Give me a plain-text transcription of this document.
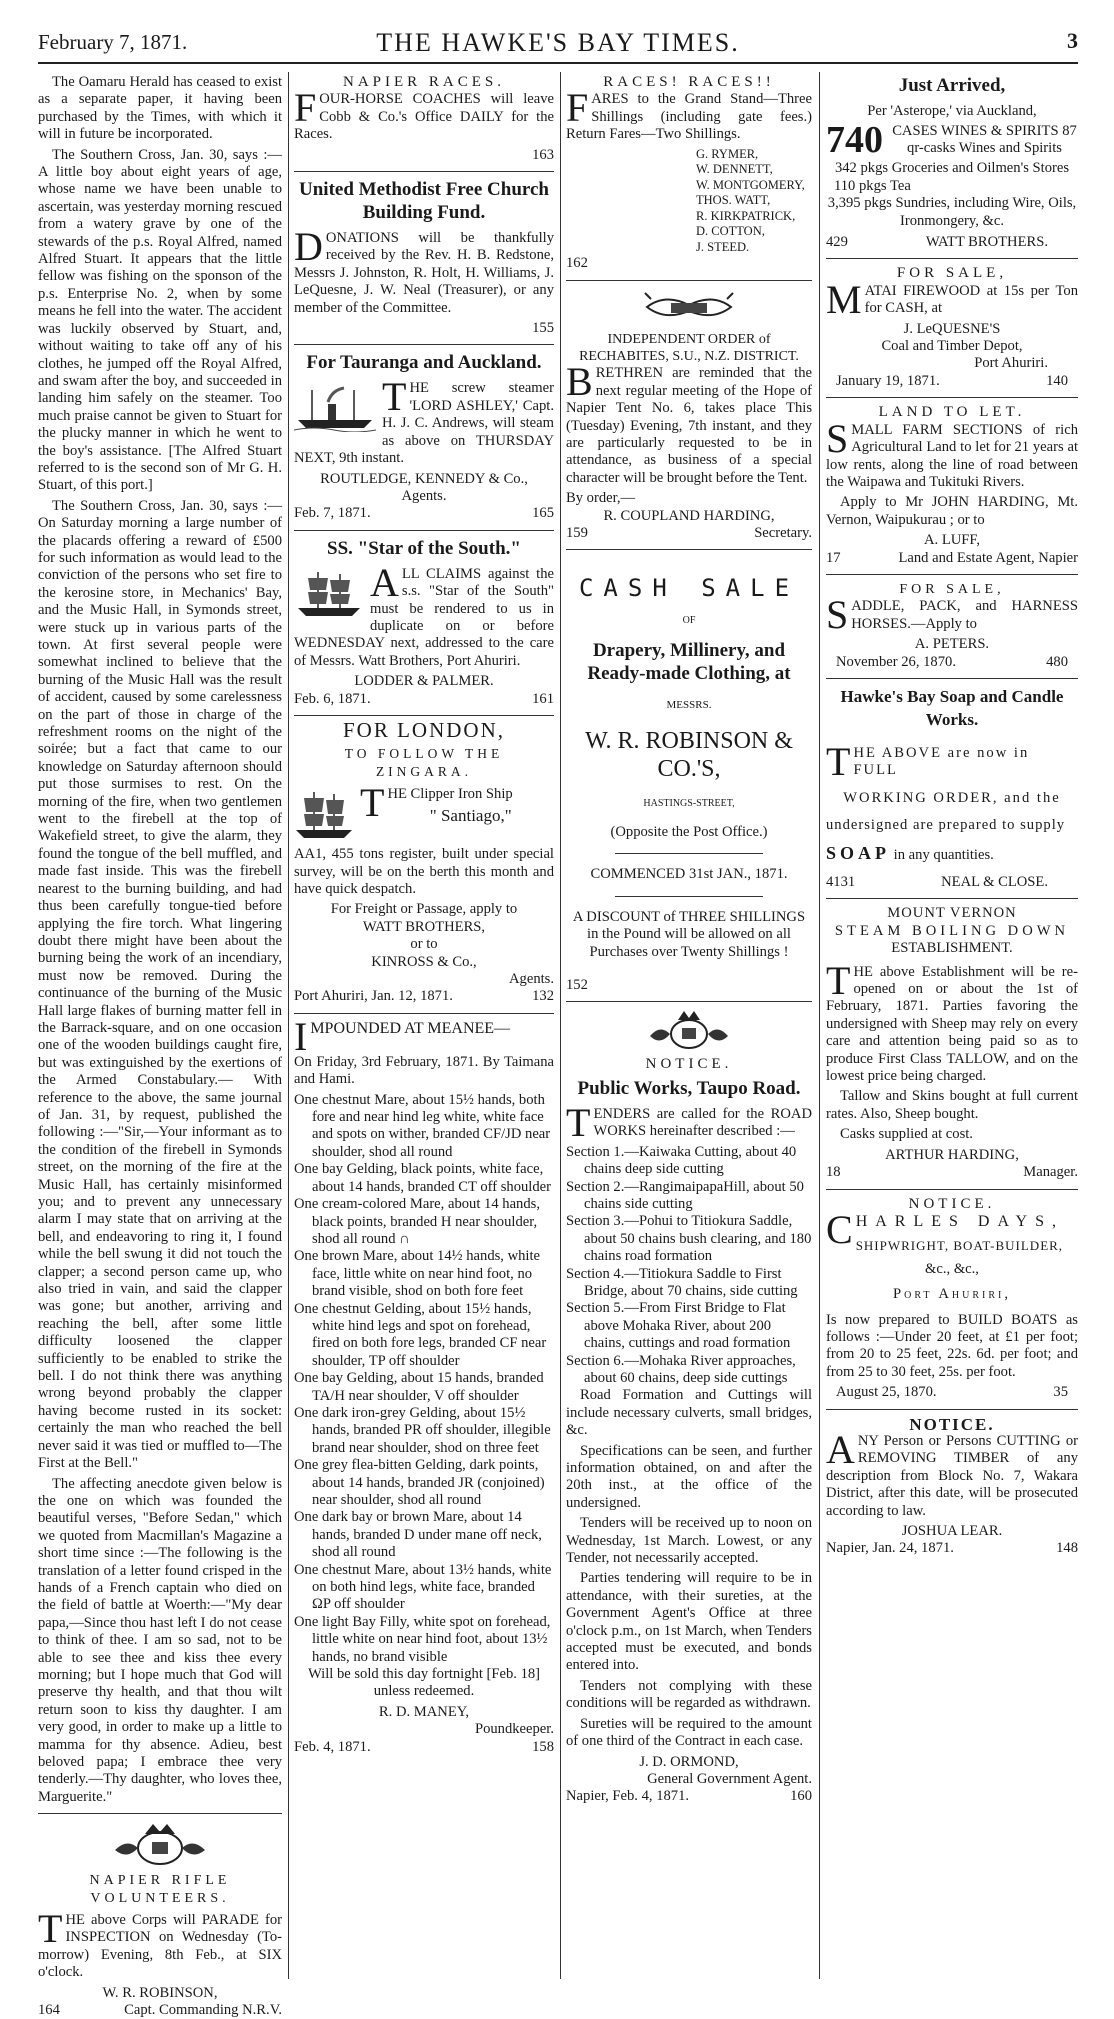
February 7, 1871.	THE HAWKE'S BAY TIMES.	3

The Oamaru Herald has ceased to exist as a separate paper, it having been purchased by the Times, with which it will in future be incorporated.

The Southern Cross, Jan. 30, says :— A little boy about eight years of age, whose name we have been unable to ascertain, was yesterday morning rescued from a watery grave by one of the stewards of the p.s. Royal Alfred, named Alfred Stuart. It appears that the little fellow was fishing on the sponson of the p.s. Enterprise No. 2, when by some means he fell into the water. The accident was luckily observed by Stuart, and, without waiting to take off any of his clothes, he jumped off the Royal Alfred, and swam after the boy, and succeeded in landing him safely on the steamer. Too much praise cannot be given to Stuart for the plucky manner in which he went to the boy's assistance. [The Alfred Stuart referred to is the second son of Mr G. H. Stuart, of this port.]

The Southern Cross, Jan. 30, says :— On Saturday morning a large number of the placards offering a reward of £500 for such information as would lead to the conviction of the persons who set fire to the kerosine store, in Mechanics' Bay, and the Music Hall, in Symonds street, were stuck up in various parts of the town. At first several people were somewhat inclined to believe that the burning of the Music Hall was the result of accident, caused by some carelessness on the part of those in charge of the refreshment rooms on the night of the soirée; but a fact that came to our knowledge on Saturday afternoon should put those surmises to rest. On the morning of the fire, when two gentlemen went to the firebell at the top of Wakefield street, to give the alarm, they found the tongue of the bell muffled, and made fast inside. This was the firebell nearest to the burning building, and had thus been carefully tongue-tied before applying the fire torch. What lingering doubt there might have been about the burning being the work of an incendiary, must now be removed. During the continuance of the burning of the Music Hall large flakes of burning matter fell in the Barrack-square, and on one occasion one of the wooden buildings caught fire, but was extinguished by the exertions of the Armed Constabulary.— With reference to the above, the same journal of Jan. 31, by request, published the following :—"Sir,—Your informant as to the condition of the firebell in Symonds street, on the morning of the fire at the Music Hall, has certainly misinformed you; and to prevent any unnecessary alarm I may state that on arriving at the bell, and endeavoring to ring it, I found while the bell swung it did not touch the clapper; a second person came up, who also tried in vain, and said the clapper was gone; but another, arriving and reaching the bell, after some little difficulty loosened the clapper sufficiently to be enabled to strike the bell. I do not think there was anything wrong beyond probably the clapper having become rusted in its socket: certainly the man who reached the bell never said it was tied or muffled to—The First at the Bell."

The affecting anecdote given below is the one on which was founded the beautiful verses, "Before Sedan," which we quoted from Macmillan's Magazine a short time since :—The following is the translation of a letter found crisped in the hands of a French captain who died on the field of battle at Woerth:—"My dear papa,—Since thou hast left I do not cease to think of thee. I am so sad, not to be able to see thee and kiss thee every morning; but I hope much that God will preserve thy health, and that thou wilt return soon to kiss thy daughter. I am very good, in order to make up a little to mamma for thy absence. Adieu, best beloved papa; I embrace thee very tenderly.—Thy daughter, who loves thee, Marguerite."

NAPIER RIFLE VOLUNTEERS.

THE above Corps will PARADE for INSPECTION on Wednesday (To-morrow) Evening, 8th Feb., at SIX o'clock.

W. R. ROBINSON,
164	Capt. Commanding N.R.V.
NAPIER RACES.

FOUR-HORSE COACHES will leave Cobb & Co.'s Office DAILY for the Races.

163
United Methodist Free Church Building Fund.

DONATIONS will be thankfully received by the Rev. H. B. Redstone, Messrs J. Johnston, R. Holt, H. Williams, J. LeQuesne, J. W. Neal (Treasurer), or any member of the Committee.

155
For Tauranga and Auckland.

THE screw steamer 'LORD ASHLEY,' Capt. H. J. C. Andrews, will steam as above on THURSDAY NEXT, 9th instant.

ROUTLEDGE, KENNEDY & Co.,
Agents.
Feb. 7, 1871.	165
SS. "Star of the South."

ALL CLAIMS against the s.s. "Star of the South" must be rendered to us in duplicate on or before WEDNESDAY next, addressed to the care of Messrs. Watt Brothers, Port Ahuriri.

LODDER & PALMER.
Feb. 6, 1871.	161
FOR LONDON,
TO FOLLOW THE ZINGARA.

THE Clipper Iron Ship

" Santiago,"

AA1, 455 tons register, built under special survey, will be on the berth this month and have quick despatch.

For Freight or Passage, apply to
WATT BROTHERS,
or to
KINROSS & Co.,
Agents.
Port Ahuriri, Jan. 12, 1871.	132

IMPOUNDED AT MEANEE—

On Friday, 3rd February, 1871. By Taimana and Hami.

One chestnut Mare, about 15½ hands, both fore and near hind leg white, white face and spots on wither, branded CF/JD near shoulder, shod all round
One bay Gelding, black points, white face, about 14 hands, branded CT off shoulder
One cream-colored Mare, about 14 hands, black points, branded H near shoulder, shod all round ∩
One brown Mare, about 14½ hands, white face, little white on near hind foot, no brand visible, shod on both fore feet
One chestnut Gelding, about 15½ hands, white hind legs and spot on forehead, fired on both fore legs, branded CF near shoulder, TP off shoulder
One bay Gelding, about 15 hands, branded TA/H near shoulder, V off shoulder
One dark iron-grey Gelding, about 15½ hands, branded PR off shoulder, illegible brand near shoulder, shod on three feet
One grey flea-bitten Gelding, dark points, about 14 hands, branded JR (conjoined) near shoulder, shod all round
One dark bay or brown Mare, about 14 hands, branded D under mane off neck, shod all round
One chestnut Mare, about 13½ hands, white on both hind legs, white face, branded ΩP off shoulder
One light Bay Filly, white spot on forehead, little white on near hind foot, about 13½ hands, no brand visible

Will be sold this day fortnight [Feb. 18] unless redeemed.

R. D. MANEY,
Poundkeeper.
Feb. 4, 1871.	158
RACES! RACES!!

FARES to the Grand Stand—Three Shillings (including gate fees.) Return Fares—Two Shillings.

G. RYMER,
W. DENNETT,
W. MONTGOMERY,
THOS. WATT,
R. KIRKPATRICK,
D. COTTON,
J. STEED.
162
INDEPENDENT ORDER of RECHABITES, S.U., N.Z. DISTRICT.

BRETHREN are reminded that the next regular meeting of the Hope of Napier Tent No. 6, takes place This (Tuesday) Evening, 7th instant, and they are particularly requested to be in attendance, as business of a special character will be brought before the Tent.

By order,—
R. COUPLAND HARDING,
159	Secretary.
CASH SALE
OF
Drapery, Millinery, and Ready-made Clothing, at
MESSRS.
W. R. ROBINSON & CO.'S,
HASTINGS-STREET,
(Opposite the Post Office.)
COMMENCED 31st JAN., 1871.

A DISCOUNT of THREE SHILLINGS in the Pound will be allowed on all Purchases over Twenty Shillings !

152
NOTICE.
Public Works, Taupo Road.

TENDERS are called for the ROAD WORKS hereinafter described :—

Section 1.—Kaiwaka Cutting, about 40 chains deep side cutting
Section 2.—RangimaipapaHill, about 50 chains side cutting
Section 3.—Pohui to Titiokura Saddle, about 50 chains bush clearing, and 180 chains road formation
Section 4.—Titiokura Saddle to First Bridge, about 70 chains, side cutting
Section 5.—From First Bridge to Flat above Mohaka River, about 200 chains, cuttings and road formation
Section 6.—Mohaka River approaches, about 60 chains, deep side cuttings

Road Formation and Cuttings will include necessary culverts, small bridges, &c.

Specifications can be seen, and further information obtained, on and after the 20th inst., at the office of the undersigned.

Tenders will be received up to noon on Wednesday, 1st March. Lowest, or any Tender, not necessarily accepted.

Parties tendering will require to be in attendance, with their sureties, at the Government Agent's Office at three o'clock p.m., on 1st March, when Tenders accepted must be executed, and bonds entered into.

Tenders not complying with these conditions will be regarded as withdrawn.

Sureties will be required to the amount of one third of the Contract in each case.

J. D. ORMOND,
General Government Agent.
Napier, Feb. 4, 1871.	160
Just Arrived,
Per 'Asterope,' via Auckland,
740 CASES WINES & SPIRITS 87 qr-casks Wines and Spirits
342 pkgs Groceries and Oilmen's Stores
110 pkgs Tea
3,395 pkgs Sundries, including Wire, Oils, Ironmongery, &c.
429	WATT BROTHERS.
FOR SALE,

MATAI FIREWOOD at 15s per Ton for CASH, at

J. LeQUESNE'S
Coal and Timber Depot,
Port Ahuriri.
January 19, 1871.	140
LAND TO LET.

SMALL FARM SECTIONS of rich Agricultural Land to let for 21 years at low rents, along the line of road between the Waipawa and Tukituki Rivers.

Apply to Mr JOHN HARDING, Mt. Vernon, Waipukurau ; or to

A. LUFF,
17	Land and Estate Agent, Napier
FOR SALE,

SADDLE, PACK, and HARNESS HORSES.—Apply to

A. PETERS.
November 26, 1870.	480
Hawke's Bay Soap and Candle Works.
THE ABOVE are now in FULL
WORKING ORDER, and the
undersigned are prepared to supply
SOAP in any quantities.
4131	NEAL & CLOSE.
MOUNT VERNON
STEAM BOILING DOWN
ESTABLISHMENT.

THE above Establishment will be re-opened on or about the 1st of February, 1871. Parties favoring the undersigned with Sheep may rely on every care and attention being paid so as to produce First Class TALLOW, and on the lowest price being charged.

Tallow and Skins bought at full current rates. Also, Sheep bought.

Casks supplied at cost.

ARTHUR HARDING,
18	Manager.
NOTICE.
CHARLES DAYS,
SHIPWRIGHT, BOAT-BUILDER,
&c., &c.,
Port Ahuriri,

Is now prepared to BUILD BOATS as follows :—Under 20 feet, at £1 per foot; from 20 to 25 feet, 22s. 6d. per foot; and from 25 to 30 feet, 25s. per foot.

August 25, 1870.	35
NOTICE.

ANY Person or Persons CUTTING or REMOVING TIMBER of any description from Block No. 7, Wakara District, after this date, will be prosecuted according to law.

JOSHUA LEAR.
Napier, Jan. 24, 1871.	148
